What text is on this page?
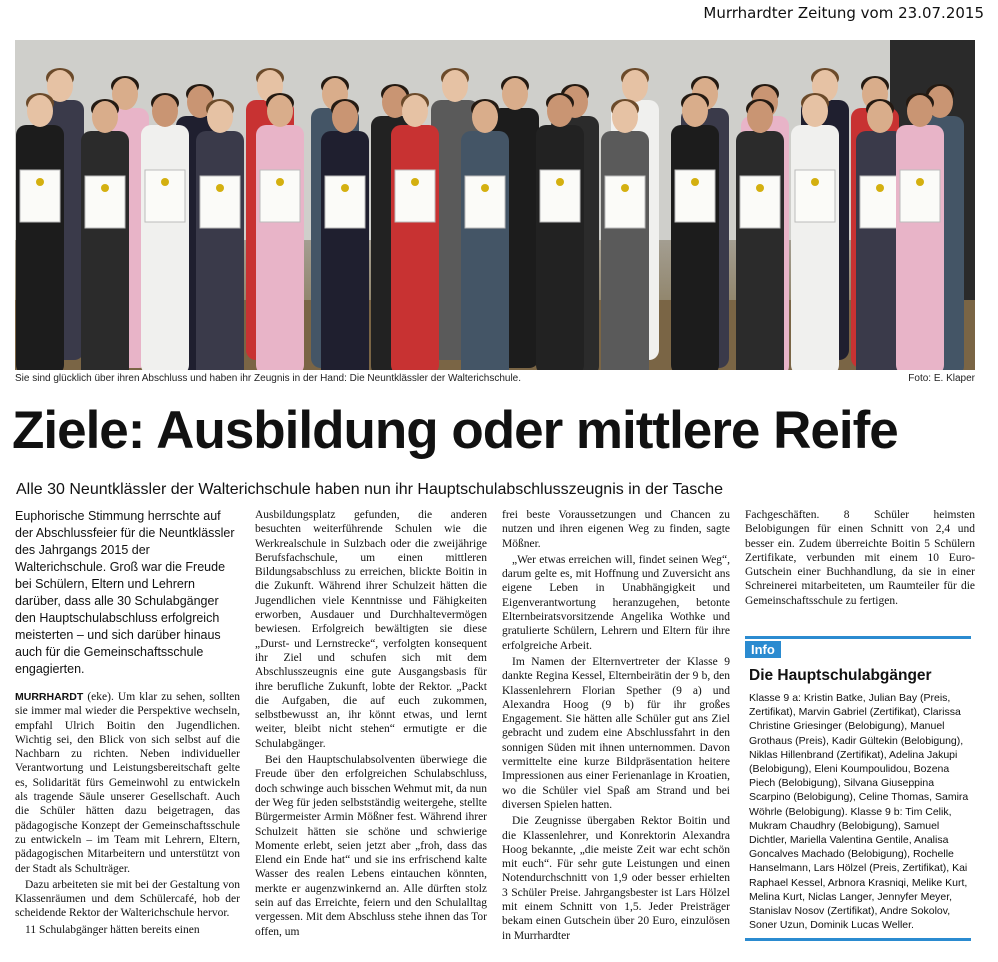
Murrhardter Zeitung vom 23.07.2015
Sie sind glücklich über ihren Abschluss und haben ihr Zeugnis in der Hand: Die Neuntklässler der Walterichschule.	Foto: E. Klaper
Ziele: Ausbildung oder mittlere Reife
Alle 30 Neuntklässler der Walterichschule haben nun ihr Hauptschulabschlusszeugnis in der Tasche
Euphorische Stimmung herrschte auf der Abschlussfeier für die Neuntklässler des Jahrgangs 2015 der Walterichschule. Groß war die Freude bei Schülern, Eltern und Lehrern darüber, dass alle 30 Schulabgänger den Hauptschulabschluss erfolgreich meisterten – und sich darüber hinaus auch für die Gemeinschaftsschule engagierten.

MURRHARDT (eke). Um klar zu sehen, sollten sie immer mal wieder die Perspektive wechseln, empfahl Ulrich Boitin den Jugendlichen. Wichtig sei, den Blick von sich selbst auf die Nachbarn zu richten. Neben individueller Verantwortung und Leistungsbereitschaft gelte es, Solidarität fürs Gemeinwohl zu entwickeln als tragende Säule unserer Gesellschaft. Auch die Schüler hätten dazu beigetragen, das pädagogische Konzept der Gemeinschaftsschule zu entwickeln – im Team mit Lehrern, Eltern, pädagogischen Mitarbeitern und unterstützt von der Stadt als Schulträger.

Dazu arbeiteten sie mit bei der Gestaltung von Klassenräumen und dem Schülercafé, hob der scheidende Rektor der Walterichschule hervor.

11 Schulabgänger hätten bereits einen

Ausbildungsplatz gefunden, die anderen besuchten weiterführende Schulen wie die Werkrealschule in Sulzbach oder die zweijährige Berufsfachschule, um einen mittleren Bildungsabschluss zu erreichen, blickte Boitin in die Zukunft. Während ihrer Schulzeit hätten die Jugendlichen viele Kenntnisse und Fähigkeiten erworben, Ausdauer und Durchhaltevermögen bewiesen. Erfolgreich bewältigten sie diese „Durst- und Lernstrecke“, verfolgten konsequent ihr Ziel und schufen sich mit dem Abschlusszeugnis eine gute Ausgangsbasis für ihre berufliche Zukunft, lobte der Rektor. „Packt die Aufgaben, die auf euch zukommen, selbstbewusst an, ihr könnt etwas, und lernt weiter, bleibt nicht stehen“ ermutigte er die Schulabgänger.

Bei den Hauptschulabsolventen überwiege die Freude über den erfolgreichen Schulabschluss, doch schwinge auch bisschen Wehmut mit, da nun der Weg für jeden selbstständig weitergehe, stellte Bürgermeister Armin Mößner fest. Während ihrer Schulzeit hätten sie schöne und schwierige Momente erlebt, seien jetzt aber „froh, dass das Elend ein Ende hat“ und sie ins erfrischend kalte Wasser des realen Lebens eintauchen könnten, merkte er augenzwinkernd an. Alle dürften stolz sein auf das Erreichte, feiern und den Schulalltag vergessen. Mit dem Abschluss stehe ihnen das Tor offen, um

frei beste Voraussetzungen und Chancen zu nutzen und ihren eigenen Weg zu finden, sagte Mößner.

„Wer etwas erreichen will, findet seinen Weg“, darum gelte es, mit Hoffnung und Zuversicht ans eigene Leben in Unabhängigkeit und Eigenverantwortung heranzugehen, betonte Elternbeiratsvorsitzende Angelika Wothke und gratulierte Schülern, Lehrern und Eltern für ihre erfolgreiche Arbeit.

Im Namen der Elternvertreter der Klasse 9 dankte Regina Kessel, Elternbeirätin der 9 b, den Klassenlehrern Florian Spether (9 a) und Alexandra Hoog (9 b) für ihr großes Engagement. Sie hätten alle Schüler gut ans Ziel gebracht und zudem eine Abschlussfahrt in den sonnigen Süden mit ihnen unternommen. Davon vermittelte eine kurze Bildpräsentation heitere Impressionen aus einer Ferienanlage in Kroatien, wo die Schüler viel Spaß am Strand und bei diversen Spielen hatten.

Die Zeugnisse übergaben Rektor Boitin und die Klassenlehrer, und Konrektorin Alexandra Hoog bekannte, „die meiste Zeit war echt schön mit euch“. Für sehr gute Leistungen und einen Notendurchschnitt von 1,9 oder besser erhielten 3 Schüler Preise. Jahrgangsbester ist Lars Hölzel mit einem Schnitt von 1,5. Jeder Preisträger bekam einen Gutschein über 20 Euro, einzulösen in Murrhardter

Fachgeschäften. 8 Schüler heimsten Belobigungen für einen Schnitt von 2,4 und besser ein. Zudem überreichte Boitin 5 Schülern Zertifikate, verbunden mit einem 10 Euro-Gutschein einer Buchhandlung, da sie in einer Schreinerei mitarbeiteten, um Raumteiler für die Gemeinschaftsschule zu fertigen.

Info
Die Hauptschulabgänger

Klasse 9 a: Kristin Batke, Julian Bay (Preis, Zertifikat), Marvin Gabriel (Zertifikat), Clarissa Christine Griesinger (Belobigung), Manuel Grothaus (Preis), Kadir Gültekin (Belobigung), Niklas Hillenbrand (Zertifikat), Adelina Jakupi (Belobigung), Eleni Koumpoulidou, Bozena Piech (Belobigung), Silvana Giuseppina Scarpino (Belobigung), Celine Thomas, Samira Wöhrle (Belobigung). Klasse 9 b: Tim Celik, Mukram Chaudhry (Belobigung), Samuel Dichtler, Mariella Valentina Gentile, Analisa Goncalves Machado (Belobigung), Rochelle Hanselmann, Lars Hölzel (Preis, Zertifikat), Kai Raphael Kessel, Arbnora Krasniqi, Melike Kurt, Melina Kurt, Niclas Langer, Jennyfer Meyer, Stanislav Nosov (Zertifikat), Andre Sokolov, Soner Uzun, Dominik Lucas Weller.
